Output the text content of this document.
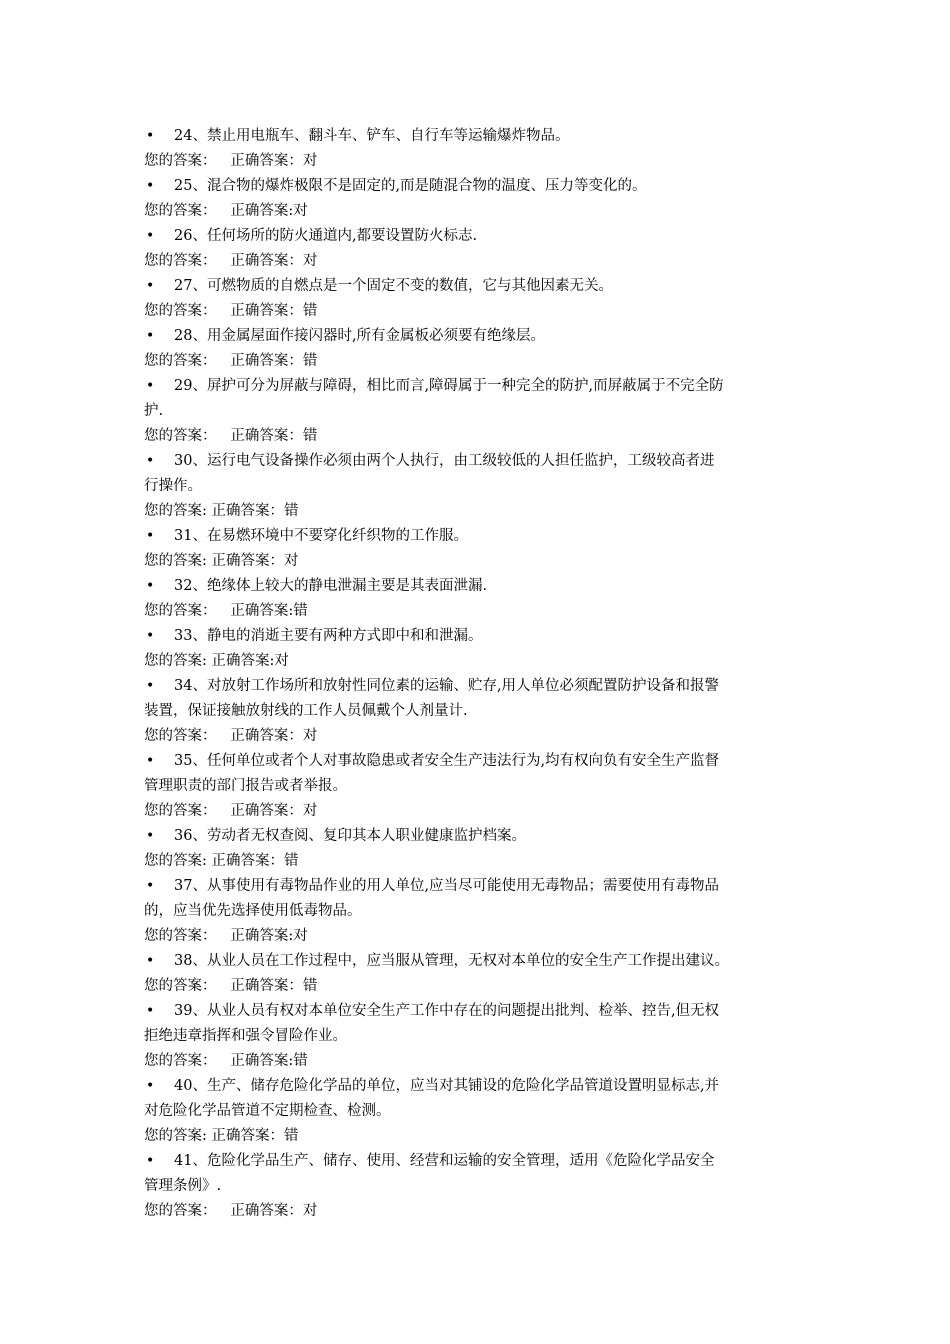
• 24、禁止用电瓶车、翻斗车、铲车、自行车等运输爆炸物品。
您的答案：   正确答案：对
• 25、混合物的爆炸极限不是固定的,而是随混合物的温度、压力等变化的。
您的答案：   正确答案:对
• 26、任何场所的防火通道内,都要设置防火标志.
您的答案：   正确答案：对
• 27、可燃物质的自燃点是一个固定不变的数值，它与其他因素无关。
您的答案：   正确答案：错
• 28、用金属屋面作接闪器时,所有金属板必须要有绝缘层。
您的答案：   正确答案：错
• 29、屏护可分为屏蔽与障碍，相比而言,障碍属于一种完全的防护,而屏蔽属于不完全防
护.
您的答案：   正确答案：错
• 30、运行电气设备操作必须由两个人执行，由工级较低的人担任监护，工级较高者进
行操作。
您的答案: 正确答案：错
• 31、在易燃环境中不要穿化纤织物的工作服。
您的答案: 正确答案：对
• 32、绝缘体上较大的静电泄漏主要是其表面泄漏.
您的答案：   正确答案:错
• 33、静电的消逝主要有两种方式即中和和泄漏。
您的答案: 正确答案:对
• 34、对放射工作场所和放射性同位素的运输、贮存,用人单位必须配置防护设备和报警
装置，保证接触放射线的工作人员佩戴个人剂量计.
您的答案：   正确答案：对
• 35、任何单位或者个人对事故隐患或者安全生产违法行为,均有权向负有安全生产监督
管理职责的部门报告或者举报。
您的答案：   正确答案：对
• 36、劳动者无权查阅、复印其本人职业健康监护档案。
您的答案: 正确答案：错
• 37、从事使用有毒物品作业的用人单位,应当尽可能使用无毒物品；需要使用有毒物品
的，应当优先选择使用低毒物品。
您的答案：   正确答案:对
• 38、从业人员在工作过程中，应当服从管理，无权对本单位的安全生产工作提出建议。
您的答案：   正确答案：错
• 39、从业人员有权对本单位安全生产工作中存在的问题提出批判、检举、控告,但无权
拒绝违章指挥和强令冒险作业。
您的答案：   正确答案:错
• 40、生产、储存危险化学品的单位，应当对其铺设的危险化学品管道设置明显标志,并
对危险化学品管道不定期检查、检测。
您的答案: 正确答案：错
• 41、危险化学品生产、储存、使用、经营和运输的安全管理，适用《危险化学品安全
管理条例》.
您的答案：   正确答案：对
